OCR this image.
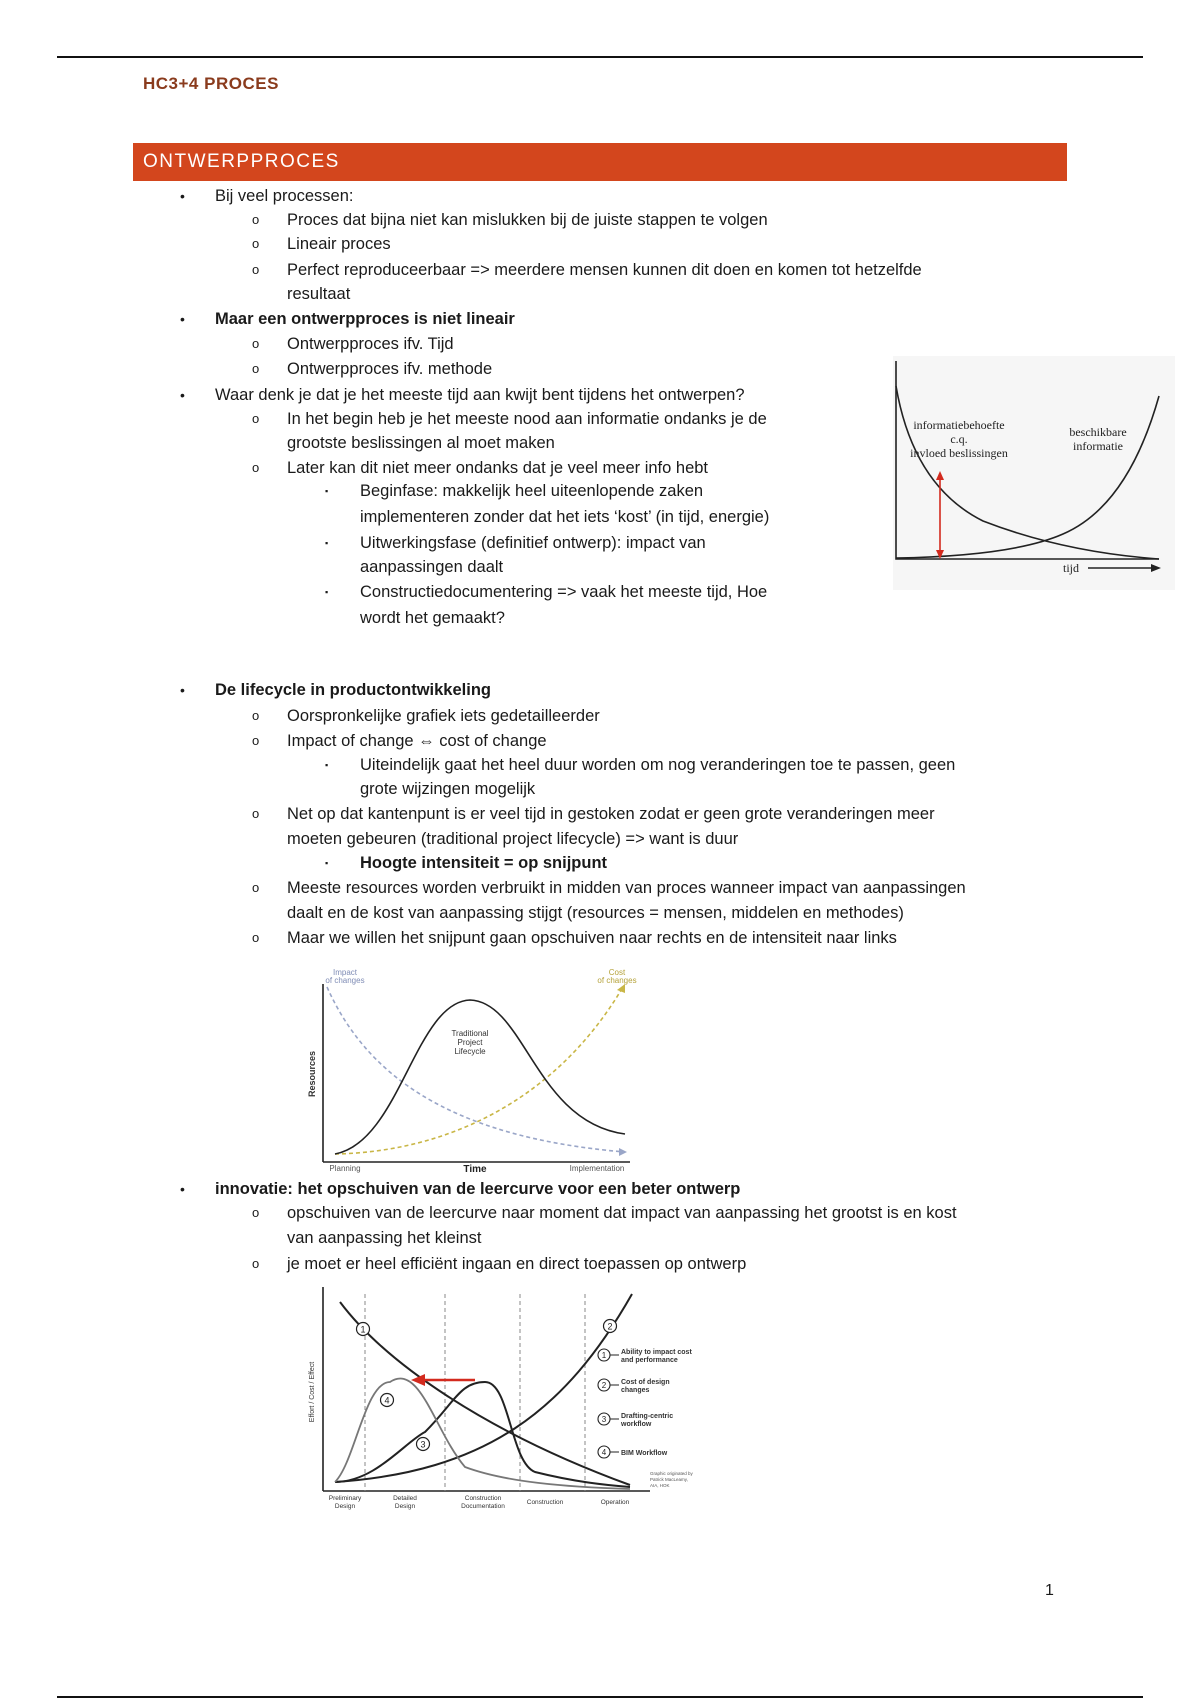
HC3+4 PROCES
ONTWERPPROCES
• Bij veel processen:
o Proces dat bijna niet kan mislukken bij de juiste stappen te volgen
o Lineair proces
o Perfect reproduceerbaar => meerdere mensen kunnen dit doen en komen tot hetzelfde
resultaat
• Maar een ontwerpproces is niet lineair
o Ontwerpproces ifv. Tijd
o Ontwerpproces ifv. methode
• Waar denk je dat je het meeste tijd aan kwijt bent tijdens het ontwerpen?
o In het begin heb je het meeste nood aan informatie ondanks je de
grootste beslissingen al moet maken
o Later kan dit niet meer ondanks dat je veel meer info hebt
▪ Beginfase: makkelijk heel uiteenlopende zaken
implementeren zonder dat het iets ‘kost’ (in tijd, energie)
▪ Uitwerkingsfase (definitief ontwerp): impact van
aanpassingen daalt
▪ Constructiedocumentering => vaak het meeste tijd, Hoe
wordt het gemaakt?
informatiebehoefte
c.q.
invloed beslissingen
beschikbare
informatie
tijd
• De lifecycle in productontwikkeling
o Oorspronkelijke grafiek iets gedetailleerder
o Impact of change ⇔ cost of change
▪ Uiteindelijk gaat het heel duur worden om nog veranderingen toe te passen, geen
grote wijzingen mogelijk
o Net op dat kantenpunt is er veel tijd in gestoken zodat er geen grote veranderingen meer
moeten gebeuren (traditional project lifecycle) => want is duur
▪ Hoogte intensiteit = op snijpunt
o Meeste resources worden verbruikt in midden van proces wanneer impact van aanpassingen
daalt en de kost van aanpassing stijgt (resources = mensen, middelen en methodes)
o Maar we willen het snijpunt gaan opschuiven naar rechts en de intensiteit naar links
Impact
of changes
Cost
of changes
Traditional
Project
Lifecycle
Resources
Time
Planning	Implementation
• innovatie: het opschuiven van de leercurve voor een beter ontwerp
o opschuiven van de leercurve naar moment dat impact van aanpassing het grootst is en kost
van aanpassing het kleinst
o je moet er heel efficiënt ingaan en direct toepassen op ontwerp
1	2
3
4
1 Ability to impact cost
and performance
2 Cost of design
changes
3 Drafting-centric
workflow
4 BIM Workflow
Graphic originated by
Patrick MacLeamy,
AIA, HOK
Effort / Cost / Effect
Preliminary
Design
Detailed
Design
Construction
Documentation
Construction	Operation
1
